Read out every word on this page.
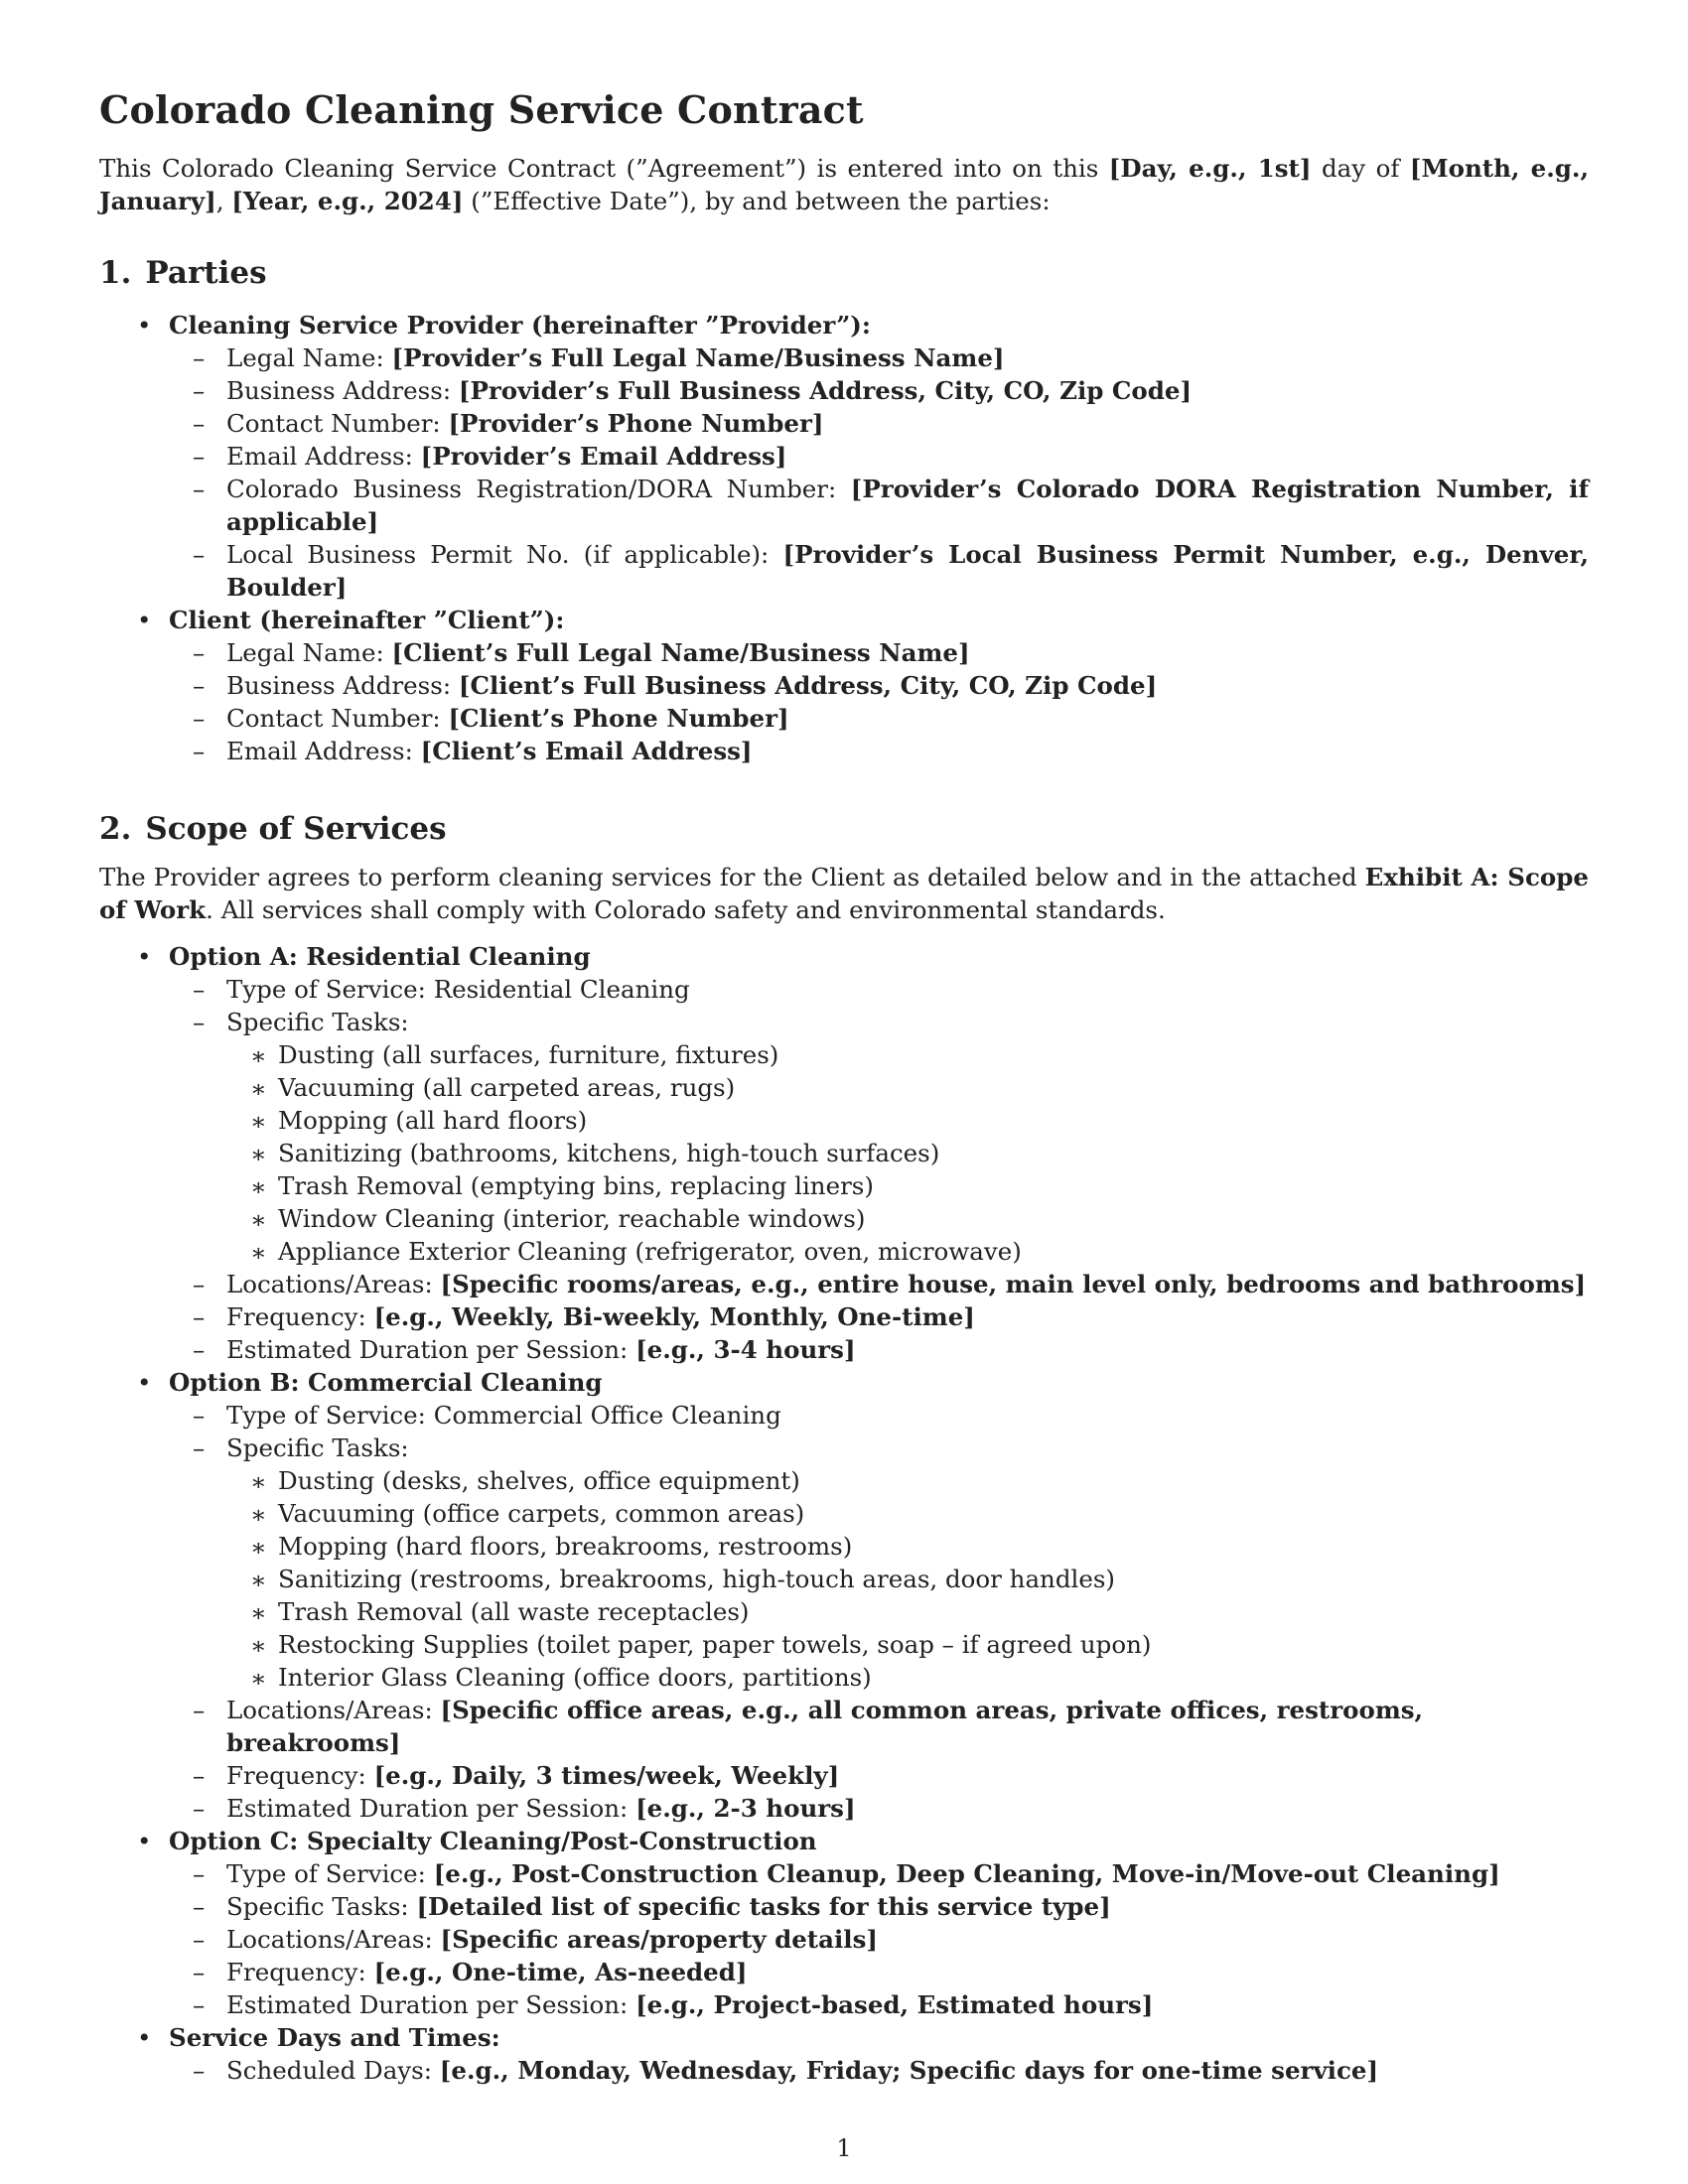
Colorado Cleaning Service Contract

This Colorado Cleaning Service Contract (”Agreement”) is entered into on this [Day, e.g., 1st] day of [Month, e.g., January], [Year, e.g., 2024] (”Effective Date”), by and between the parties:

1. Parties
• Cleaning Service Provider (hereinafter ”Provider”):
– Legal Name: [Provider’s Full Legal Name/Business Name]
– Business Address: [Provider’s Full Business Address, City, CO, Zip Code]
– Contact Number: [Provider’s Phone Number]
– Email Address: [Provider’s Email Address]
– Colorado Business Registration/DORA Number: [Provider’s Colorado DORA Registration Number, if applicable]
– Local Business Permit No. (if applicable): [Provider’s Local Business Permit Number, e.g., Denver, Boulder]
• Client (hereinafter ”Client”):
– Legal Name: [Client’s Full Legal Name/Business Name]
– Business Address: [Client’s Full Business Address, City, CO, Zip Code]
– Contact Number: [Client’s Phone Number]
– Email Address: [Client’s Email Address]
2. Scope of Services

The Provider agrees to perform cleaning services for the Client as detailed below and in the attached Exhibit A: Scope of Work. All services shall comply with Colorado safety and environmental standards.

• Option A: Residential Cleaning
– Type of Service: Residential Cleaning
– Specific Tasks:
∗ Dusting (all surfaces, furniture, fixtures)
∗ Vacuuming (all carpeted areas, rugs)
∗ Mopping (all hard floors)
∗ Sanitizing (bathrooms, kitchens, high-touch surfaces)
∗ Trash Removal (emptying bins, replacing liners)
∗ Window Cleaning (interior, reachable windows)
∗ Appliance Exterior Cleaning (refrigerator, oven, microwave)
– Locations/Areas: [Specific rooms/areas, e.g., entire house, main level only, bedrooms and bathrooms]
– Frequency: [e.g., Weekly, Bi-weekly, Monthly, One-time]
– Estimated Duration per Session: [e.g., 3-4 hours]
• Option B: Commercial Cleaning
– Type of Service: Commercial Office Cleaning
– Specific Tasks:
∗ Dusting (desks, shelves, office equipment)
∗ Vacuuming (office carpets, common areas)
∗ Mopping (hard floors, breakrooms, restrooms)
∗ Sanitizing (restrooms, breakrooms, high-touch areas, door handles)
∗ Trash Removal (all waste receptacles)
∗ Restocking Supplies (toilet paper, paper towels, soap – if agreed upon)
∗ Interior Glass Cleaning (office doors, partitions)
– Locations/Areas: [Specific office areas, e.g., all common areas, private offices, restrooms, breakrooms]
– Frequency: [e.g., Daily, 3 times/week, Weekly]
– Estimated Duration per Session: [e.g., 2-3 hours]
• Option C: Specialty Cleaning/Post-Construction
– Type of Service: [e.g., Post-Construction Cleanup, Deep Cleaning, Move-in/Move-out Cleaning]
– Specific Tasks: [Detailed list of specific tasks for this service type]
– Locations/Areas: [Specific areas/property details]
– Frequency: [e.g., One-time, As-needed]
– Estimated Duration per Session: [e.g., Project-based, Estimated hours]
• Service Days and Times:
– Scheduled Days: [e.g., Monday, Wednesday, Friday; Specific days for one-time service]
1
